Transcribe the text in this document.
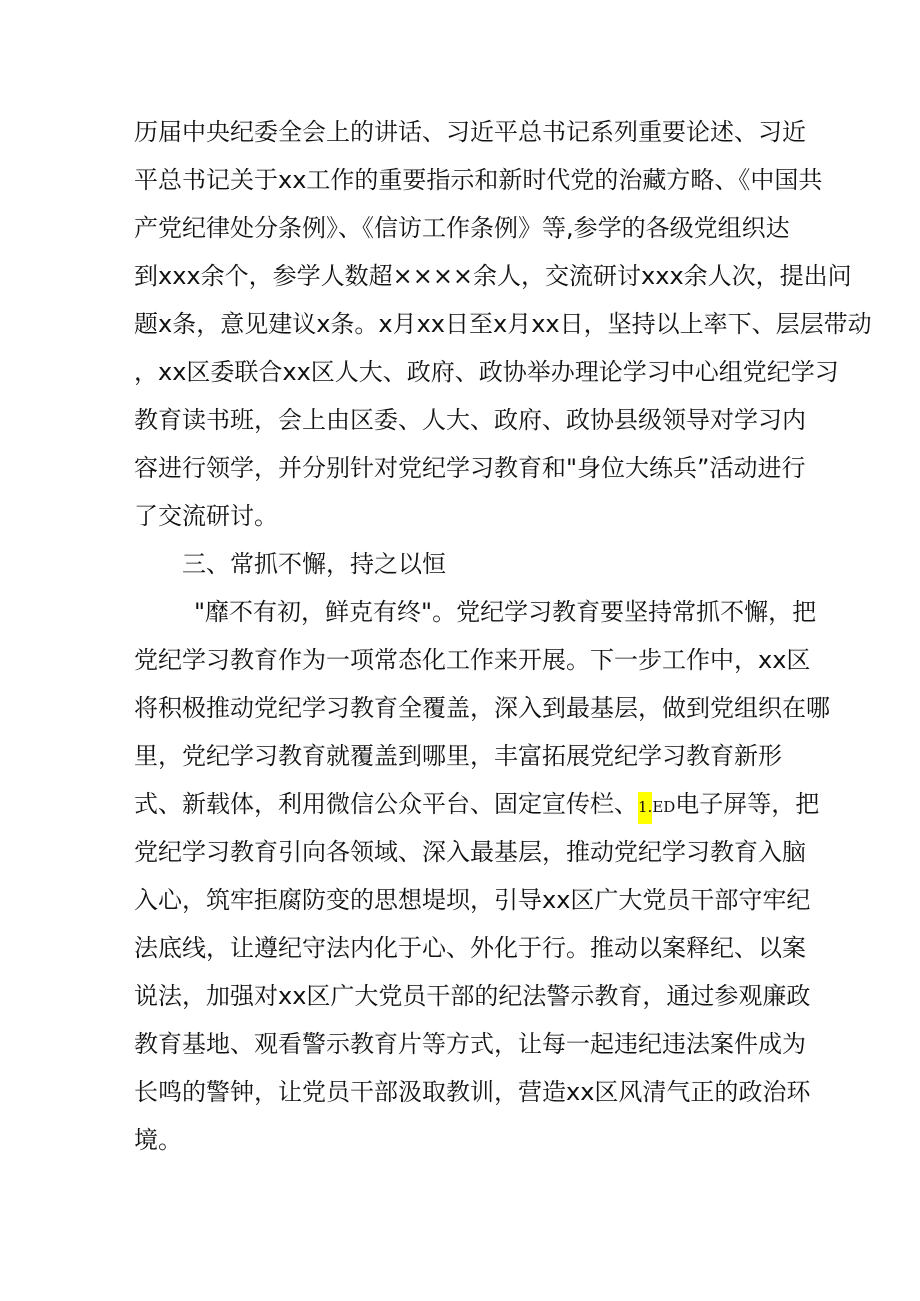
历届中央纪委全会上的讲话、习近平总书记系列重要论述、习近
平总书记关于xx工作的重要指示和新时代党的治藏方略、《中国共
产党纪律处分条例》、《信访工作条例》等,参学的各级党组织达
到xxx余个，参学人数超××××余人，交流研讨xxx余人次，提出问
题x条，意见建议x条。x月xx日至x月xx日，坚持以上率下、层层带动
，xx区委联合xx区人大、政府、政协举办理论学习中心组党纪学习
教育读书班，会上由区委、人大、政府、政协县级领导对学习内
容进行领学，并分别针对党纪学习教育和"身位大练兵”活动进行
了交流研讨。
三、常抓不懈，持之以恒
"靡不有初，鲜克有终"。党纪学习教育要坚持常抓不懈，把
党纪学习教育作为一项常态化工作来开展。下一步工作中，xx区
将积极推动党纪学习教育全覆盖，深入到最基层，做到党组织在哪
里，党纪学习教育就覆盖到哪里，丰富拓展党纪学习教育新形
式、新载体，利用微信公众平台、固定宣传栏、1.ED电子屏等，把
党纪学习教育引向各领域、深入最基层，推动党纪学习教育入脑
入心，筑牢拒腐防变的思想堤坝，引导xx区广大党员干部守牢纪
法底线，让遵纪守法内化于心、外化于行。推动以案释纪、以案
说法，加强对xx区广大党员干部的纪法警示教育，通过参观廉政
教育基地、观看警示教育片等方式，让每一起违纪违法案件成为
长鸣的警钟，让党员干部汲取教训，营造xx区风清气正的政治环
境。
